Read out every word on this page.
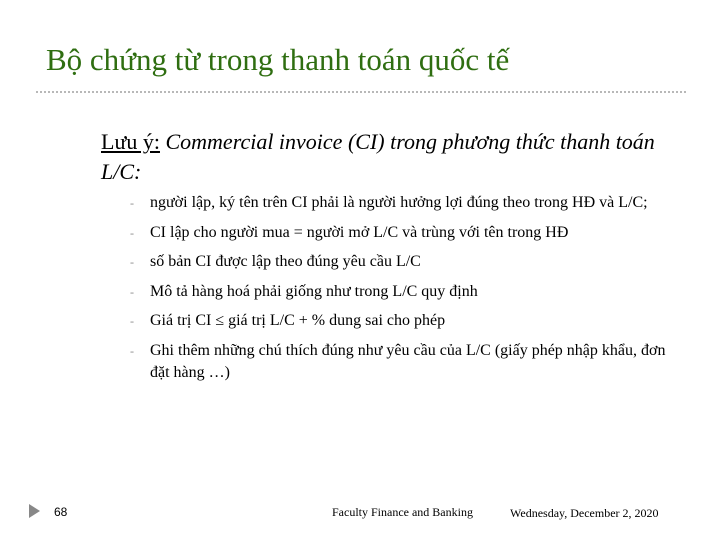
Bộ chứng từ trong thanh toán quốc tế
Lưu ý: Commercial invoice (CI) trong phương thức thanh toán L/C:
- người lập, ký tên trên CI phải là người hưởng lợi đúng theo trong HĐ và L/C;
- CI lập cho người mua = người mở L/C và trùng với tên trong HĐ
- số bản CI được lập theo đúng yêu cầu L/C
- Mô tả hàng hoá phải giống như trong L/C quy định
- Giá trị CI ≤ giá trị L/C + % dung sai cho phép
- Ghi thêm những chú thích đúng như yêu cầu của L/C (giấy phép nhập khẩu, đơn đặt hàng …)
68	Faculty Finance and Banking	Wednesday, December 2, 2020
